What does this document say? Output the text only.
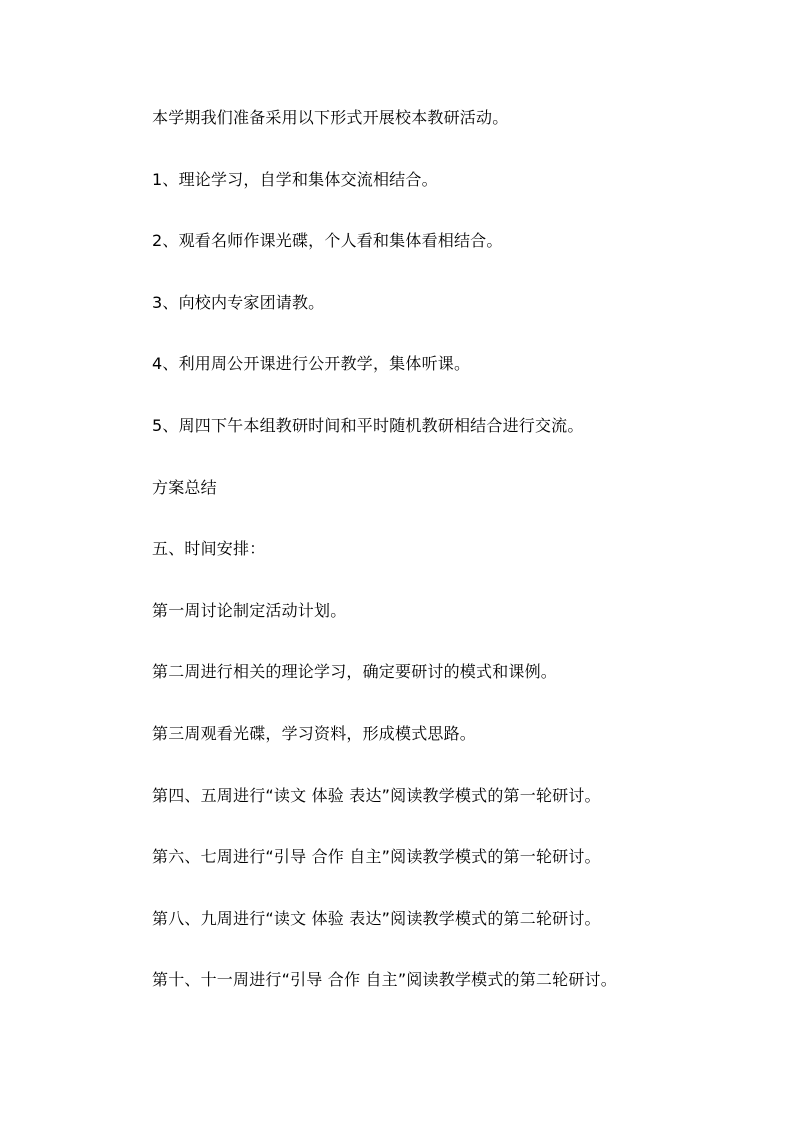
本学期我们准备采用以下形式开展校本教研活动。

1、理论学习，自学和集体交流相结合。

2、观看名师作课光碟，个人看和集体看相结合。

3、向校内专家团请教。

4、利用周公开课进行公开教学，集体听课。

5、周四下午本组教研时间和平时随机教研相结合进行交流。

方案总结

五、时间安排：

第一周讨论制定活动计划。

第二周进行相关的理论学习，确定要研讨的模式和课例。

第三周观看光碟，学习资料，形成模式思路。

第四、五周进行“读文 体验 表达”阅读教学模式的第一轮研讨。

第六、七周进行“引导 合作 自主”阅读教学模式的第一轮研讨。

第八、九周进行“读文 体验 表达”阅读教学模式的第二轮研讨。

第十、十一周进行“引导 合作 自主”阅读教学模式的第二轮研讨。
